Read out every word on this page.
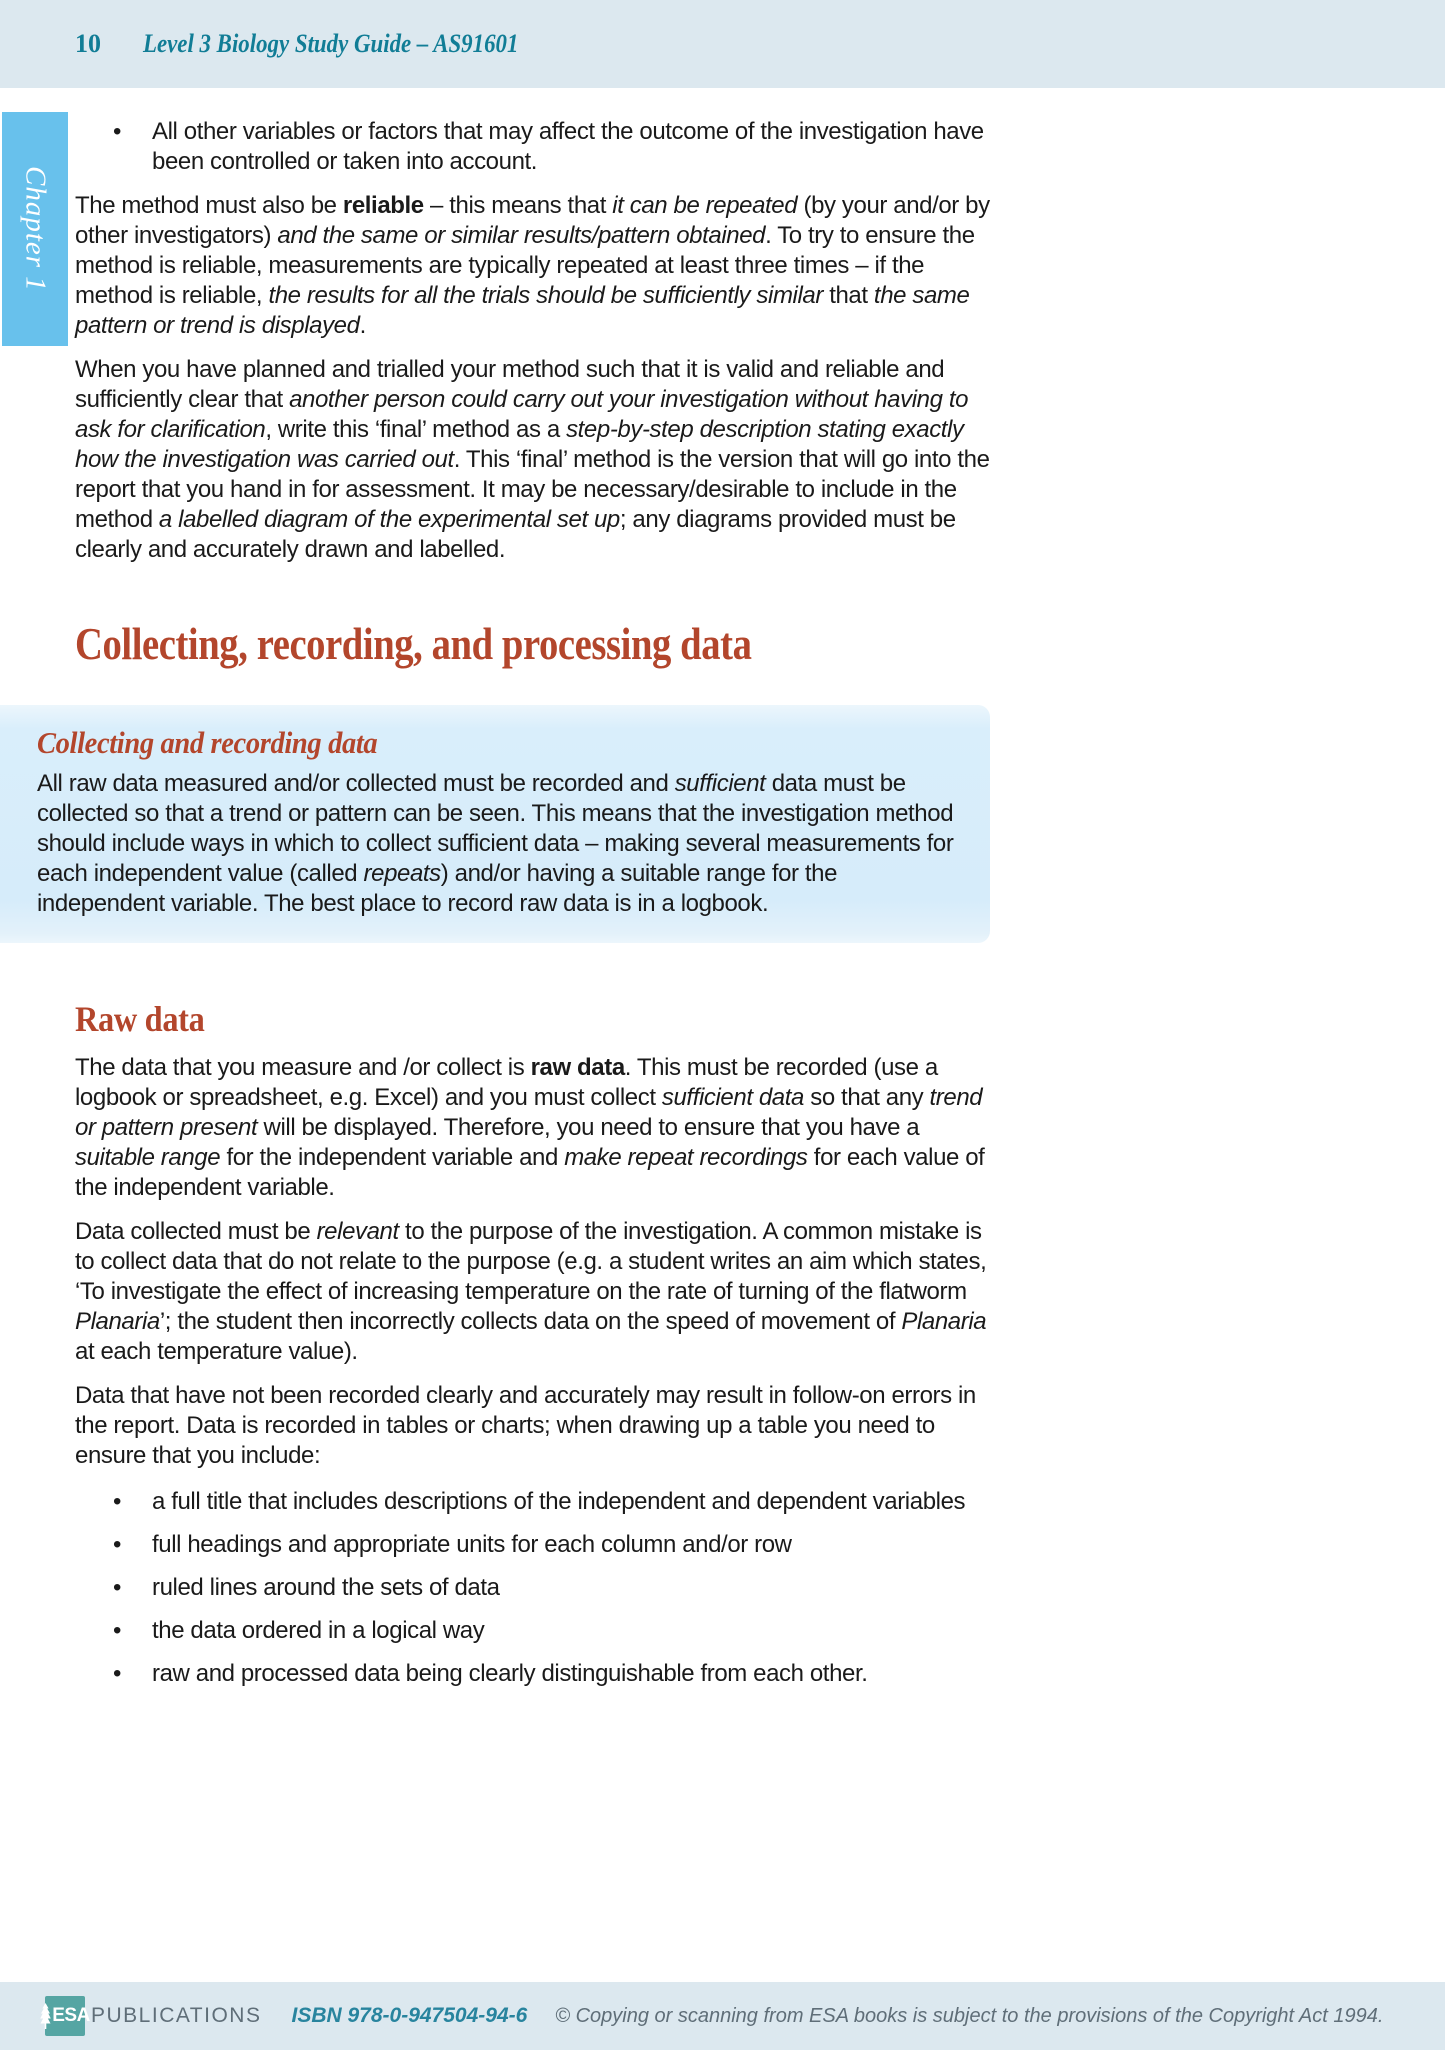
10 Level 3 Biology Study Guide – AS91601
Chapter 1
• All other variables or factors that may affect the outcome of the investigation have been controlled or taken into account.

The method must also be reliable – this means that it can be repeated (by your and/or by other investigators) and the same or similar results/pattern obtained. To try to ensure the method is reliable, measurements are typically repeated at least three times – if the method is reliable, the results for all the trials should be sufficiently similar that the same pattern or trend is displayed.

When you have planned and trialled your method such that it is valid and reliable and sufficiently clear that another person could carry out your investigation without having to ask for clarification, write this ‘final’ method as a step-by-step description stating exactly how the investigation was carried out. This ‘final’ method is the version that will go into the report that you hand in for assessment. It may be necessary/desirable to include in the method a labelled diagram of the experimental set up; any diagrams provided must be clearly and accurately drawn and labelled.

Collecting, recording, and processing data
Collecting and recording data

All raw data measured and/or collected must be recorded and sufficient data must be collected so that a trend or pattern can be seen. This means that the investigation method should include ways in which to collect sufficient data – making several measurements for each independent value (called repeats) and/or having a suitable range for the independent variable. The best place to record raw data is in a logbook.

Raw data

The data that you measure and /or collect is raw data. This must be recorded (use a logbook or spreadsheet, e.g. Excel) and you must collect sufficient data so that any trend or pattern present will be displayed. Therefore, you need to ensure that you have a suitable range for the independent variable and make repeat recordings for each value of the independent variable.

Data collected must be relevant to the purpose of the investigation. A common mistake is to collect data that do not relate to the purpose (e.g. a student writes an aim which states, ‘To investigate the effect of increasing temperature on the rate of turning of the flatworm Planaria’; the student then incorrectly collects data on the speed of movement of Planaria at each temperature value).

Data that have not been recorded clearly and accurately may result in follow-on errors in the report. Data is recorded in tables or charts; when drawing up a table you need to ensure that you include:

• a full title that includes descriptions of the independent and dependent variables
• full headings and appropriate units for each column and/or row
• ruled lines around the sets of data
• the data ordered in a logical way
• raw and processed data being clearly distinguishable from each other.
ESA PUBLICATIONS ISBN 978-0-947504-94-6 © Copying or scanning from ESA books is subject to the provisions of the Copyright Act 1994.
